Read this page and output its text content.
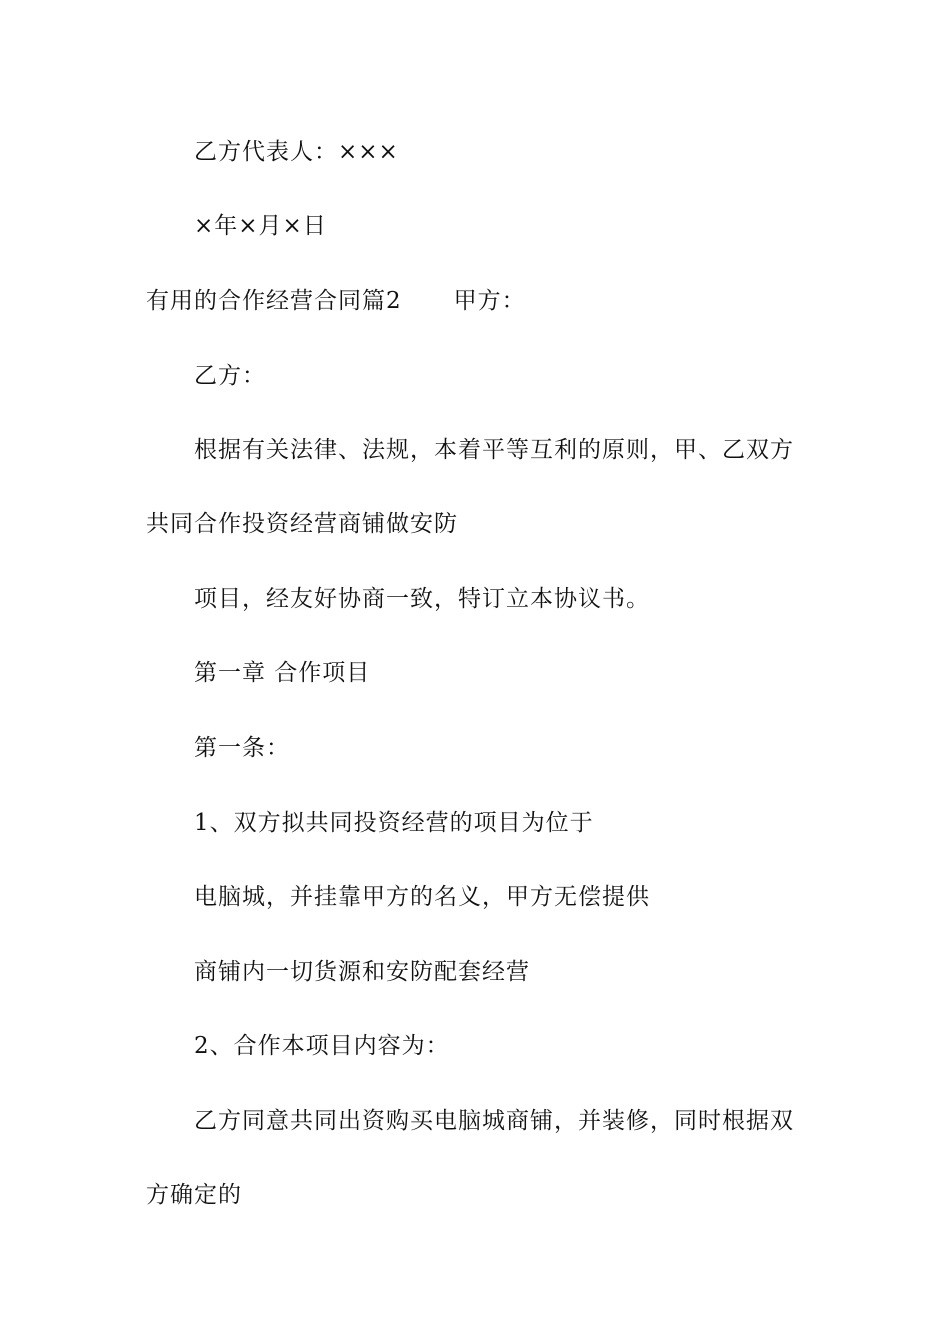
乙方代表人：×××
×年×月×日
有用的合作经营合同篇2 甲方：
乙方：
根据有关法律、法规，本着平等互利的原则，甲、乙双方
共同合作投资经营商铺做安防
项目，经友好协商一致，特订立本协议书。
第一章 合作项目
第一条：
1、双方拟共同投资经营的项目为位于
电脑城，并挂靠甲方的名义，甲方无偿提供
商铺内一切货源和安防配套经营
2、合作本项目内容为：
乙方同意共同出资购买电脑城商铺，并装修，同时根据双
方确定的
